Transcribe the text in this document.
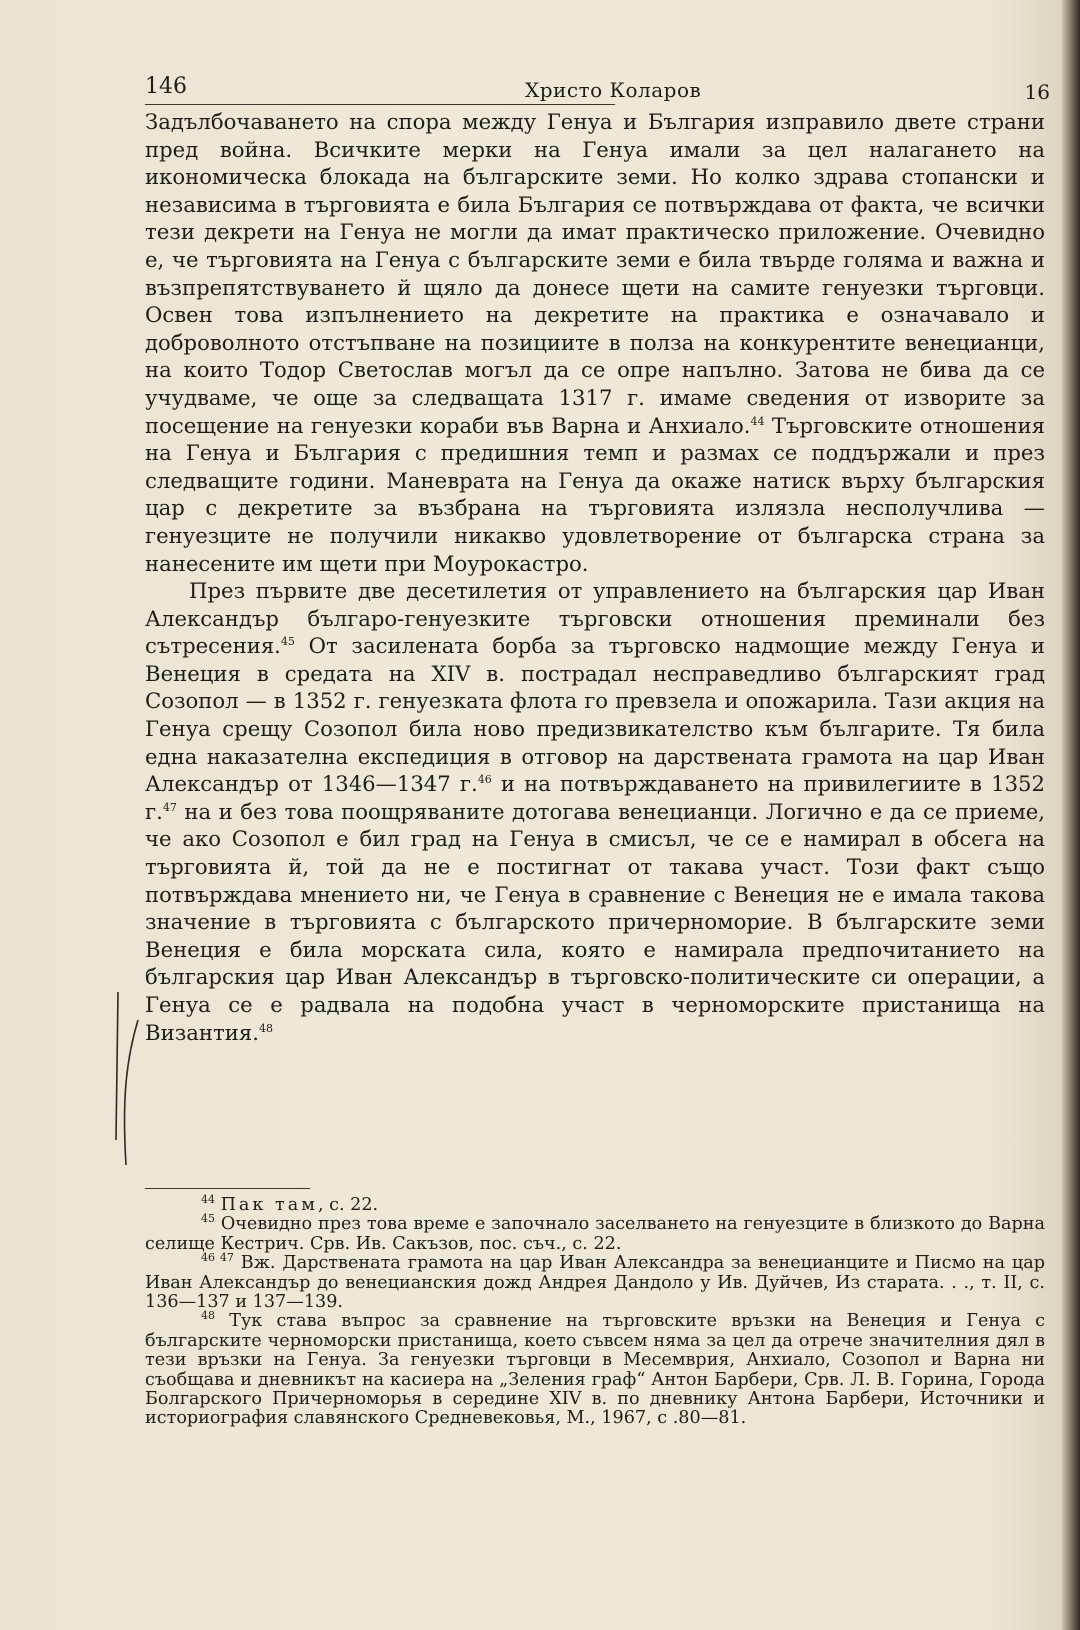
146	Христо Коларов	16

Задълбочаването на спора между Генуа и България изправило двете страни пред война. Всичките мерки на Генуа имали за цел налагането на икономическа блокада на българските земи. Но колко здрава стопански и независима в търговията е била България се потвърждава от факта, че всички тези декрети на Генуа не могли да имат практическо приложение. Очевидно е, че търговията на Генуа с българските земи е била твърде голяма и важна и възпрепятствуването й щяло да донесе щети на самите генуезки търговци. Освен това изпълнението на декретите на практика е означавало и доброволното отстъпване на позициите в полза на конкурентите венецианци, на които Тодор Светослав могъл да се опре напълно. Затова не бива да се учудваме, че още за следващата 1317 г. имаме сведения от изворите за посещение на генуезки кораби във Варна и Анхиало.$^{44}$ Търговските отношения на Генуа и България с предишния темп и размах се поддържали и през следващите години. Маневрата на Генуа да окаже натиск върху българския цар с декретите за възбрана на търговията излязла несполучлива — генуезците не получили никакво удовлетворение от българска страна за нанесените им щети при Моурокастро.

През първите две десетилетия от управлението на българския цар Иван Александър българо-генуезките търговски отношения преминали без сътресения.$^{45}$ От засилената борба за търговско надмощие между Генуа и Венеция в средата на XIV в. пострадал несправедливо българският град Созопол — в 1352 г. генуезката флота го превзела и опожарила. Тази акция на Генуа срещу Созопол била ново предизвикателство към българите. Тя била една наказателна експедиция в отговор на дарствената грамота на цар Иван Александър от 1346—1347 г.$^{46}$ и на потвърждаването на привилегиите в 1352 г.$^{47}$ на и без това поощряваните дотогава венецианци. Логично е да се приеме, че ако Созопол е бил град на Генуа в смисъл, че се е намирал в обсега на търговията й, той да не е постигнат от такава участ. Този факт също потвърждава мнението ни, че Генуа в сравнение с Венеция не е имала такова значение в търговията с българското причерноморие. В българските земи Венеция е била морската сила, която е намирала предпочитанието на българския цар Иван Александър в търговско-политическите си операции, а Генуа се е радвала на подобна участ в черноморските пристанища на Византия.$^{48}$

$^{44}$ Пак там, с. 22.

$^{45}$ Очевидно през това време е започнало заселването на генуезците в близкото до Варна селище Кестрич. Срв. Ив. Сакъзов, пос. съч., с. 22.

$^{46 47}$ Вж. Дарствената грамота на цар Иван Александра за венецианците и Писмо на цар Иван Александър до венецианския дожд Андрея Дандоло у Ив. Дуйчев, Из старата. . ., т. II, с. 136—137 и 137—139.

$^{48}$ Тук става въпрос за сравнение на търговските връзки на Венеция и Генуа с българските черноморски пристанища, което съвсем няма за цел да отрече значителния дял в тези връзки на Генуа. За генуезки търговци в Месемврия, Анхиало, Созопол и Варна ни съобщава и дневникът на касиера на „Зеления граф“ Антон Барбери, Срв. Л. В. Горина, Города Болгарского Причерноморья в середине XIV в. по дневнику Антона Барбери, Источники и историография славянского Средневековья, М., 1967, с .80—81.
